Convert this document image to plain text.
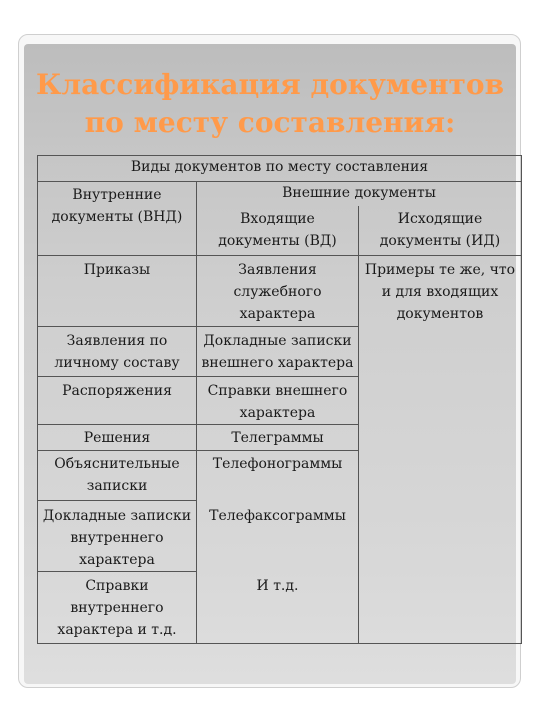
Классификация документов
по месту составления:
Виды документов по месту составления		
Внутренние документы (ВНД)	Внешние документы	
	Входящие документы (ВД)	Исходящие документы (ИД)
Приказы	Заявления служебного характера	Примеры те же, что и для входящих документов
Заявления по личному составу	Докладные записки внешнего характера	
Распоряжения	Справки внешнего характера	
Решения	Телеграммы	
Объяснительные записки	Телефонограммы	
Докладные записки внутреннего характера	Телефаксограммы	
Справки внутреннего характера и т.д.	И т.д.	
